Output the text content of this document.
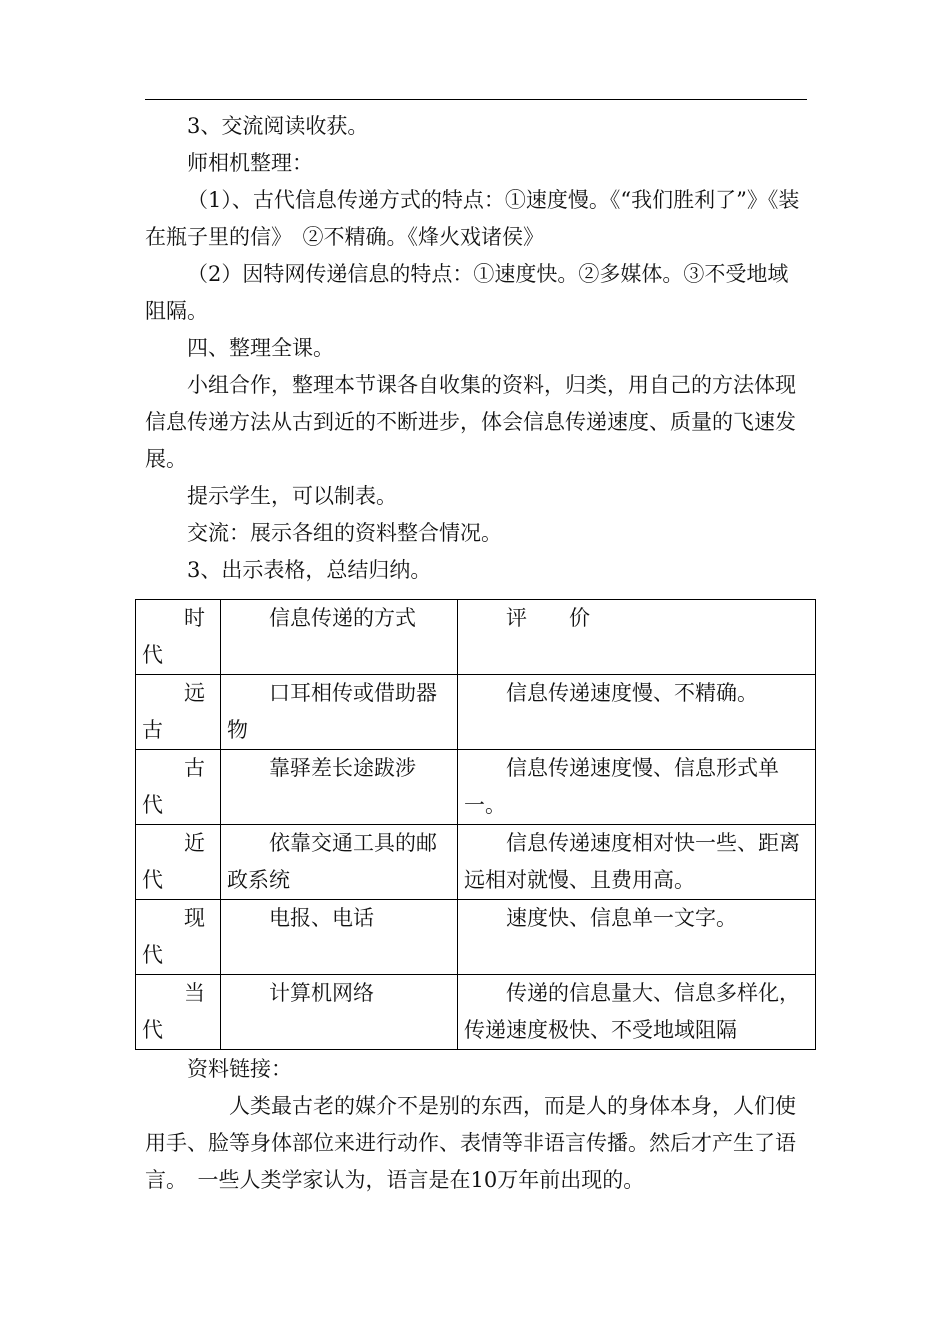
3、交流阅读收获。

师相机整理：

（1）、古代信息传递方式的特点：①速度慢。《“我们胜利了”》《装在瓶子里的信》　②不精确。《烽火戏诸侯》

（2）因特网传递信息的特点：①速度快。②多媒体。③不受地域阻隔。

四、整理全课。

小组合作，整理本节课各自收集的资料，归类，用自己的方法体现信息传递方法从古到近的不断进步，体会信息传递速度、质量的飞速发展。

提示学生，可以制表。

交流：展示各组的资料整合情况。

3、出示表格，总结归纳。

时代	信息传递的方式	评　　价
远古	口耳相传或借助器物	信息传递速度慢、不精确。
古代	靠驿差长途跋涉	信息传递速度慢、信息形式单一。
近代	依靠交通工具的邮政系统	信息传递速度相对快一些、距离远相对就慢、且费用高。
现代	电报、电话	速度快、信息单一文字。
当代	计算机网络	传递的信息量大、信息多样化，传递速度极快、不受地域阻隔

资料链接：

人类最古老的媒介不是别的东西，而是人的身体本身，人们使用手、脸等身体部位来进行动作、表情等非语言传播。然后才产生了语言。　一些人类学家认为，语言是在10万年前出现的。
